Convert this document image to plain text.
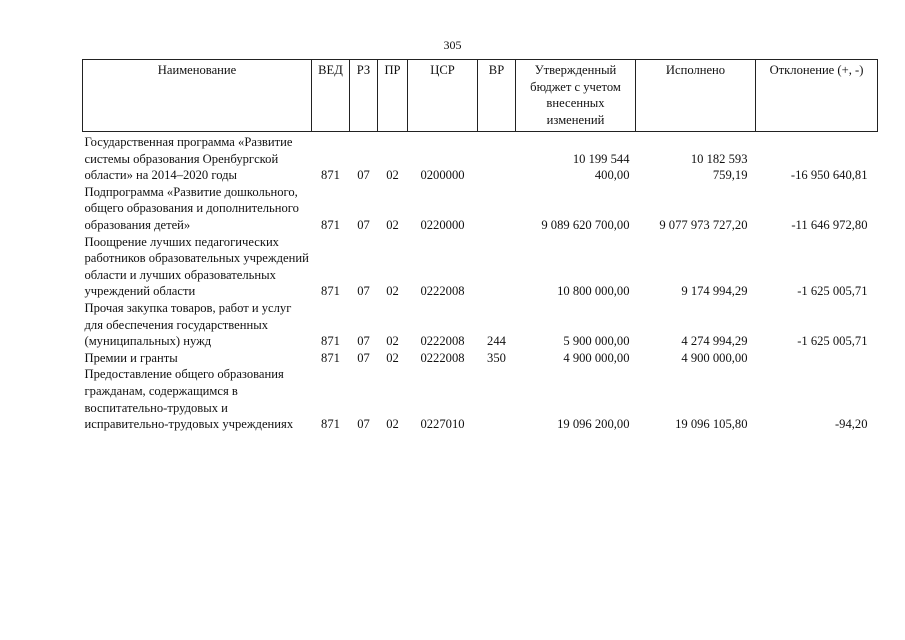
305
Наименование	ВЕД	РЗ	ПР	ЦСР	ВР	Утвержденный бюджет с учетом внесенных изменений	Исполнено	Отклонение (+, -)

Государственная программа «Развитие системы образования Оренбургской области» на 2014–2020 годы	871	07	02	0200000		10 199 544 400,00	10 182 593 759,19	-16 950 640,81
Подпрограмма «Развитие дошкольного, общего образования и дополнительного образования детей»	871	07	02	0220000		9 089 620 700,00	9 077 973 727,20	-11 646 972,80
Поощрение лучших педагогических работников образовательных учреждений области и лучших образовательных учреждений области	871	07	02	0222008		10 800 000,00	9 174 994,29	-1 625 005,71
Прочая закупка товаров, работ и услуг для обеспечения государственных (муниципальных) нужд	871	07	02	0222008	244	5 900 000,00	4 274 994,29	-1 625 005,71
Премии и гранты	871	07	02	0222008	350	4 900 000,00	4 900 000,00	
Предоставление общего образования гражданам, содержащимся в воспитательно-трудовых и исправительно-трудовых учреждениях	871	07	02	0227010		19 096 200,00	19 096 105,80	-94,20
